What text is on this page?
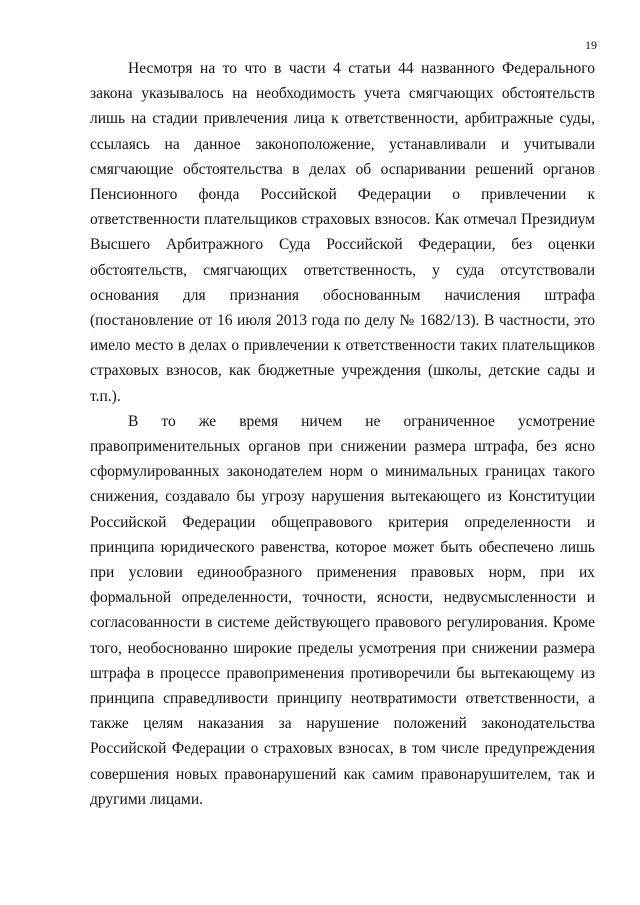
19

Несмотря на то что в части 4 статьи 44 названного Федерального закона указывалось на необходимость учета смягчающих обстоятельств лишь на стадии привлечения лица к ответственности, арбитражные суды, ссылаясь на данное законоположение, устанавливали и учитывали смягчающие обстоятельства в делах об оспаривании решений органов Пенсионного фонда Российской Федерации о привлечении к ответственности плательщиков страховых взносов. Как отмечал Президиум Высшего Арбитражного Суда Российской Федерации, без оценки обстоятельств, смягчающих ответственность, у суда отсутствовали основания для признания обоснованным начисления штрафа (постановление от 16 июля 2013 года по делу № 1682/13). В частности, это имело место в делах о привлечении к ответственности таких плательщиков страховых взносов, как бюджетные учреждения (школы, детские сады и т.п.).

В то же время ничем не ограниченное усмотрение правоприменительных органов при снижении размера штрафа, без ясно сформулированных законодателем норм о минимальных границах такого снижения, создавало бы угрозу нарушения вытекающего из Конституции Российской Федерации общеправового критерия определенности и принципа юридического равенства, которое может быть обеспечено лишь при условии единообразного применения правовых норм, при их формальной определенности, точности, ясности, недвусмысленности и согласованности в системе действующего правового регулирования. Кроме того, необоснованно широкие пределы усмотрения при снижении размера штрафа в процессе правоприменения противоречили бы вытекающему из принципа справедливости принципу неотвратимости ответственности, а также целям наказания за нарушение положений законодательства Российской Федерации о страховых взносах, в том числе предупреждения совершения новых правонарушений как самим правонарушителем, так и другими лицами.
